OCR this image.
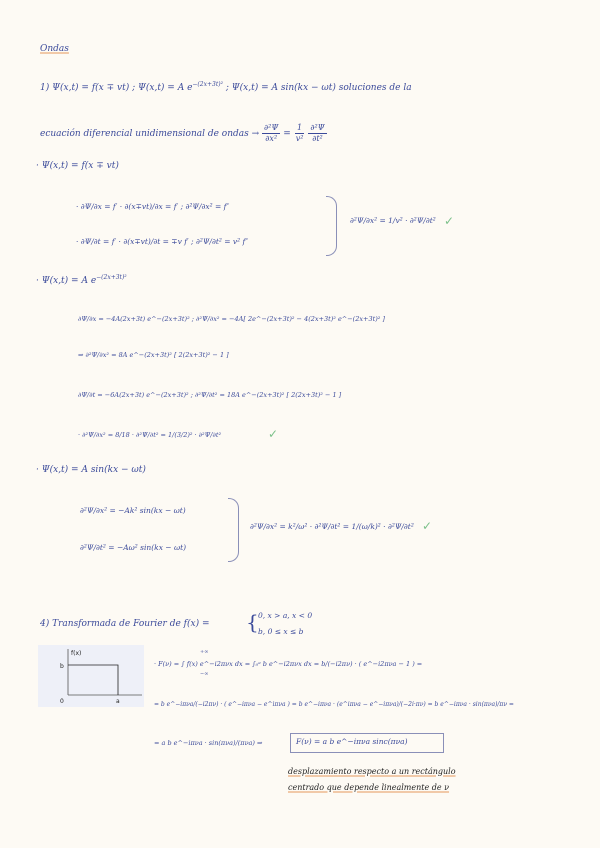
Ondas
1) Ψ(x,t) = f(x ∓ vt) ; Ψ(x,t) = A $e^{-(2x+3t)^2}$ ; Ψ(x,t) = A sin(kx − ωt) soluciones de la
ecuación diferencial unidimensional de ondas → $\frac{\text{∂²Ψ}}{\text{∂x²}} = \frac{1}{\text{v²}}$
$\frac{\text{∂²Ψ}}{\text{∂t²}}$
· Ψ(x,t) = f(x ∓ vt)
· ∂Ψ/∂x = f′ · ∂(x∓vt)/∂x = f′ ; ∂²Ψ/∂x² = f″
· ∂Ψ/∂t = f′ · ∂(x∓vt)/∂t = ∓v f′ ; ∂²Ψ/∂t² = v² f″
∂²Ψ/∂x² = 1/v² · ∂²Ψ/∂t² ✓
· Ψ(x,t) = A $e^{-(2x+3t)^2}$
∂Ψ/∂x = −4A(2x+3t) e^−(2x+3t)² ; ∂²Ψ/∂x² = −4A[ 2e^−(2x+3t)² − 4(2x+3t)² e^−(2x+3t)² ]
⇒ ∂²Ψ/∂x² = 8A e^−(2x+3t)² [ 2(2x+3t)² − 1 ]
∂Ψ/∂t = −6A(2x+3t) e^−(2x+3t)² ; ∂²Ψ/∂t² = 18A e^−(2x+3t)² [ 2(2x+3t)² − 1 ]
· ∂²Ψ/∂x² = 8/18 · ∂²Ψ/∂t² = 1/(3/2)² · ∂²Ψ/∂t²	✓
· Ψ(x,t) = A sin(kx − ωt)
∂²Ψ/∂x² = −Ak² sin(kx − ωt)
∂²Ψ/∂t² = −Aω² sin(kx − ωt)
∂²Ψ/∂x² = k²/ω² · ∂²Ψ/∂t² = 1/(ω/k)² · ∂²Ψ/∂t² ✓
4) Transformada de Fourier de f(x) = { 0, x > a, x < 0
b, 0 ≤ x ≤ b
f(x)
b
0	a
+∞
−∞
· F(ν) = ∫ f(x) e^−i2πνx dx = ∫₀ᵃ b e^−i2πνx dx = b/(−i2πν) · ( e^−i2πνa − 1 ) =
= b e^−iπνa/(−i2πν) · ( e^−iπνa − e^iπνa ) = b e^−iπνa · (e^iπνa − e^−iπνa)/(−2i·πν) = b e^−iπνa · sin(πνa)/πν =
= a b e^−iπνa · sin(πνa)/(πνa) ⇒	F(ν) = a b e^−iπνa sinc(πνa)
desplazamiento respecto a un rectángulo
centrado que depende linealmente de ν
